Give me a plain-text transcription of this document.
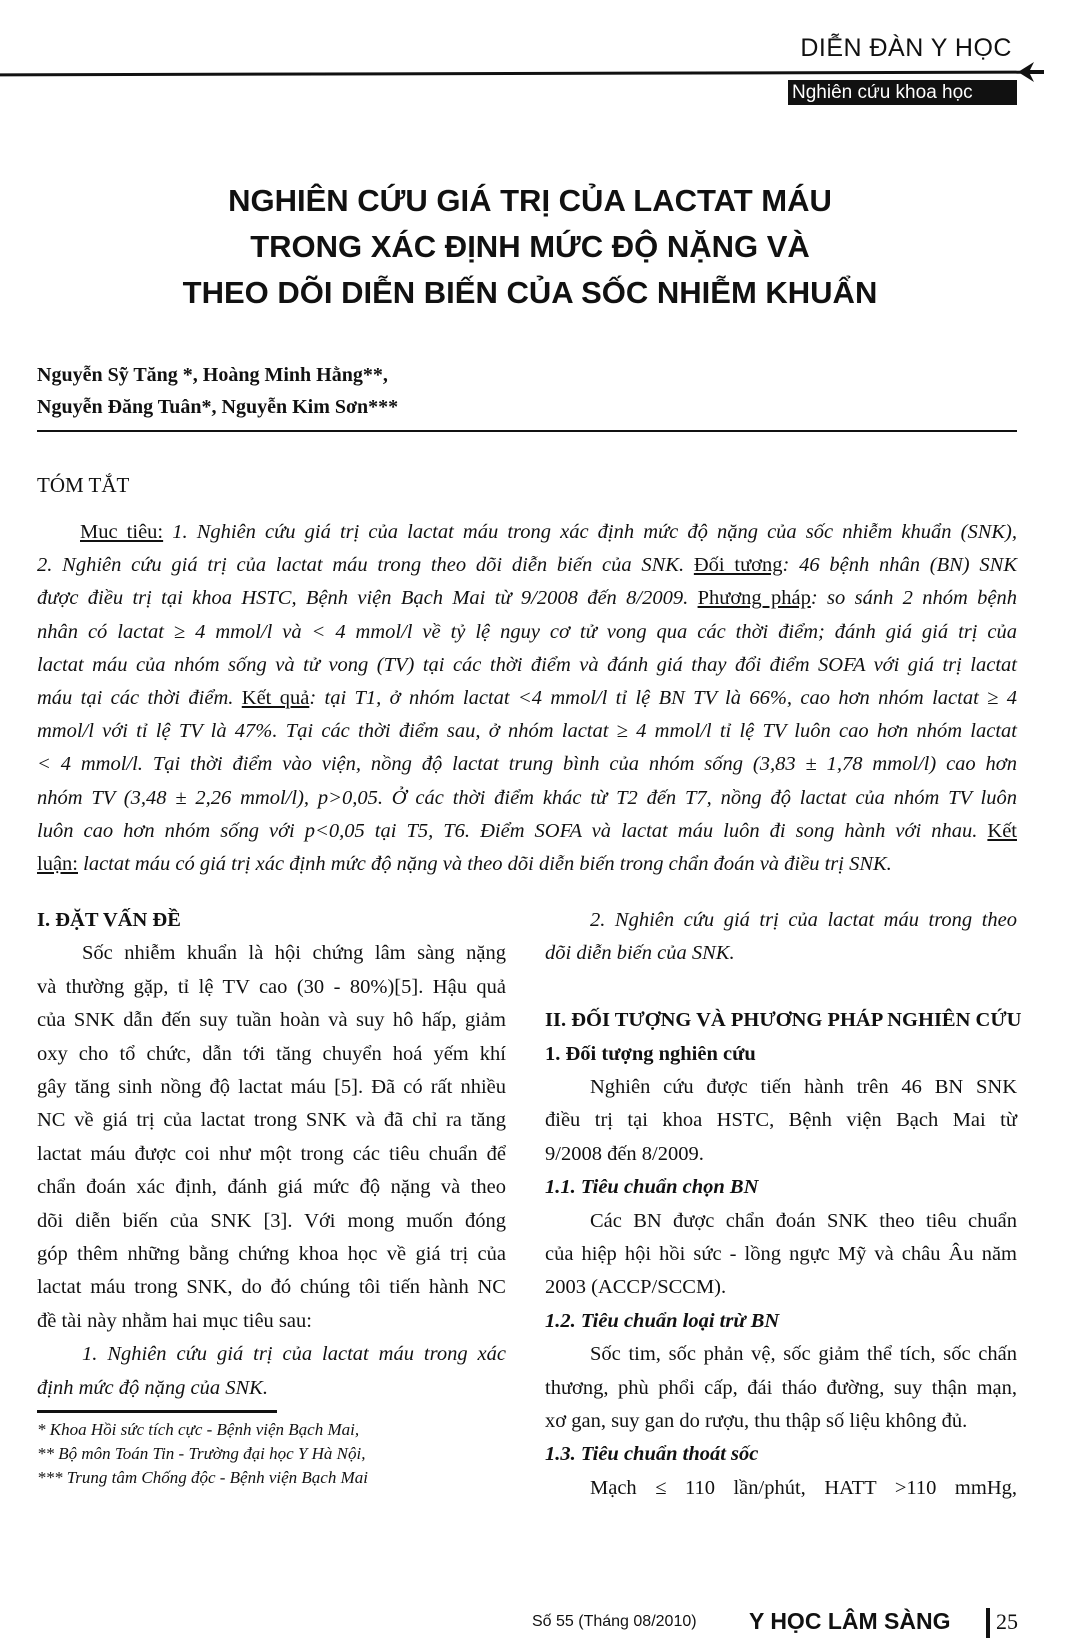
DIỄN ĐÀN Y HỌC
Nghiên cứu khoa học
NGHIÊN CỨU GIÁ TRỊ CỦA LACTAT MÁU
TRONG XÁC ĐỊNH MỨC ĐỘ NẶNG VÀ
THEO DÕI DIỄN BIẾN CỦA SỐC NHIỄM KHUẨN
Nguyễn Sỹ Tăng *, Hoàng Minh Hằng**,
Nguyễn Đăng Tuân*, Nguyễn Kim Sơn***
TÓM TẮT
Muc tiêu: 1. Nghiên cứu giá trị của lactat máu trong xác định mức độ nặng của sốc nhiễm khuẩn (SNK),
2. Nghiên cứu giá trị của lactat máu trong theo dõi diễn biến của SNK. Đối tương: 46 bệnh nhân (BN) SNK
được điều trị tại khoa HSTC, Bệnh viện Bạch Mai từ 9/2008 đến 8/2009. Phương pháp: so sánh 2 nhóm bệnh
nhân có lactat ≥ 4 mmol/l và < 4 mmol/l về tỷ lệ nguy cơ tử vong qua các thời điểm; đánh giá giá trị của
lactat máu của nhóm sống và tử vong (TV) tại các thời điểm và đánh giá thay đổi điểm SOFA với giá trị lactat
máu tại các thời điểm. Kết quả: tại T1, ở nhóm lactat <4 mmol/l tỉ lệ BN TV là 66%, cao hơn nhóm lactat ≥ 4
mmol/l với tỉ lệ TV là 47%. Tại các thời điểm sau, ở nhóm lactat ≥ 4 mmol/l tỉ lệ TV luôn cao hơn nhóm lactat
< 4 mmol/l. Tại thời điểm vào viện, nồng độ lactat trung bình của nhóm sống (3,83 ± 1,78 mmol/l) cao hơn
nhóm TV (3,48 ± 2,26 mmol/l), p>0,05. Ở các thời điểm khác từ T2 đến T7, nồng độ lactat của nhóm TV luôn
luôn cao hơn nhóm sống với p<0,05 tại T5, T6. Điểm SOFA và lactat máu luôn đi song hành với nhau. Kết
luận: lactat máu có giá trị xác định mức độ nặng và theo dõi diễn biến trong chẩn đoán và điều trị SNK.
I. ĐẶT VẤN ĐỀ
Sốc nhiễm khuẩn là hội chứng lâm sàng nặng
và thường gặp, tỉ lệ TV cao (30 - 80%)[5]. Hậu quả
của SNK dẫn đến suy tuần hoàn và suy hô hấp, giảm
oxy cho tổ chức, dẫn tới tăng chuyển hoá yếm khí
gây tăng sinh nồng độ lactat máu [5]. Đã có rất nhiều
NC về giá trị của lactat trong SNK và đã chỉ ra tăng
lactat máu được coi như một trong các tiêu chuẩn để
chẩn đoán xác định, đánh giá mức độ nặng và theo
dõi diễn biến của SNK [3]. Với mong muốn đóng
góp thêm những bằng chứng khoa học về giá trị của
lactat máu trong SNK, do đó chúng tôi tiến hành NC
đề tài này nhằm hai mục tiêu sau:
1. Nghiên cứu giá trị của lactat máu trong xác
định mức độ nặng của SNK.
* Khoa Hồi sức tích cực - Bệnh viện Bạch Mai,
** Bộ môn Toán Tin - Trường đại học Y Hà Nội,
*** Trung tâm Chống độc - Bệnh viện Bạch Mai
2. Nghiên cứu giá trị của lactat máu trong theo
dõi diễn biến của SNK.
II. ĐỐI TƯỢNG VÀ PHƯƠNG PHÁP NGHIÊN CỨU
1. Đối tượng nghiên cứu
Nghiên cứu được tiến hành trên 46 BN SNK
điều trị tại khoa HSTC, Bệnh viện Bạch Mai từ
9/2008 đến 8/2009.
1.1. Tiêu chuẩn chọn BN
Các BN được chẩn đoán SNK theo tiêu chuẩn
của hiệp hội hồi sức - lồng ngực Mỹ và châu Âu năm
2003 (ACCP/SCCM).
1.2. Tiêu chuẩn loại trừ BN
Sốc tim, sốc phản vệ, sốc giảm thể tích, sốc chấn
thương, phù phổi cấp, đái tháo đường, suy thận mạn,
xơ gan, suy gan do rượu, thu thập số liệu không đủ.
1.3. Tiêu chuẩn thoát sốc
Mạch ≤ 110 lần/phút, HATT >110 mmHg,
Số 55 (Tháng 08/2010) Y HỌC LÂM SÀNG 25
